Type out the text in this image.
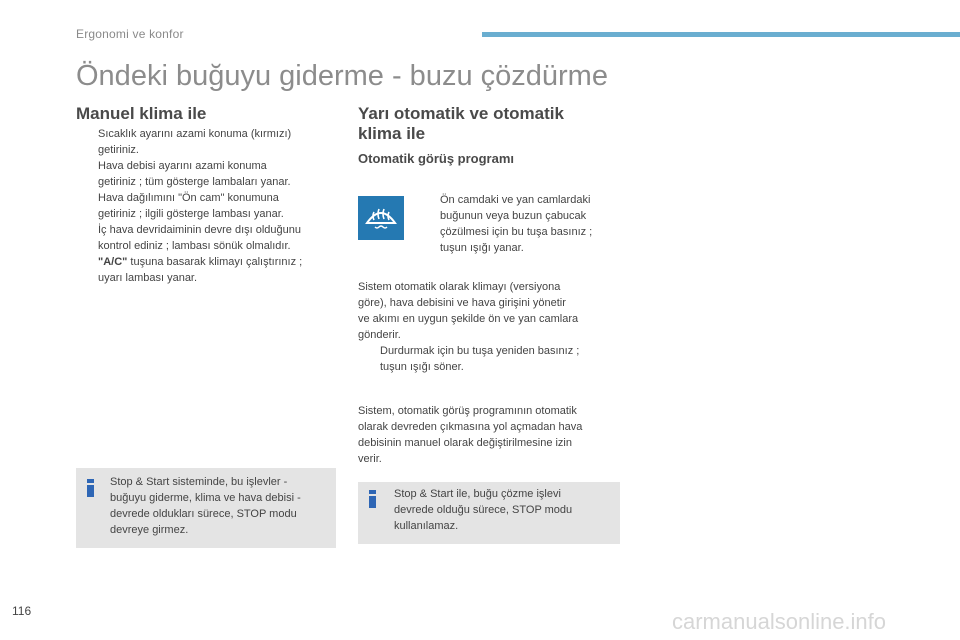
Ergonomi ve konfor
Öndeki buğuyu giderme - buzu çözdürme
Manuel klima ile
Sıcaklık ayarını azami konuma (kırmızı)
getiriniz.
Hava debisi ayarını azami konuma
getiriniz ; tüm gösterge lambaları yanar.
Hava dağılımını "Ön cam" konumuna
getiriniz ; ilgili gösterge lambası yanar.
İç hava devridaiminin devre dışı olduğunu
kontrol ediniz ; lambası sönük olmalıdır.
"A/C" tuşuna basarak klimayı çalıştırınız ;
uyarı lambası yanar.
Stop & Start sisteminde, bu işlevler -
buğuyu giderme, klima ve hava debisi -
devrede oldukları sürece, STOP modu
devreye girmez.
Yarı otomatik ve otomatik
klima ile
Otomatik görüş programı
Ön camdaki ve yan camlardaki
buğunun veya buzun çabucak
çözülmesi için bu tuşa basınız ;
tuşun ışığı yanar.

Sistem otomatik olarak klimayı (versiyona
göre), hava debisini ve hava girişini yönetir
ve akımı en uygun şekilde ön ve yan camlara
gönderir.

Durdurmak için bu tuşa yeniden basınız ;
tuşun ışığı söner.

Sistem, otomatik görüş programının otomatik
olarak devreden çıkmasına yol açmadan hava
debisinin manuel olarak değiştirilmesine izin
verir.

Stop & Start ile, buğu çözme işlevi
devrede olduğu sürece, STOP modu
kullanılamaz.
116	carmanualsonline.info
